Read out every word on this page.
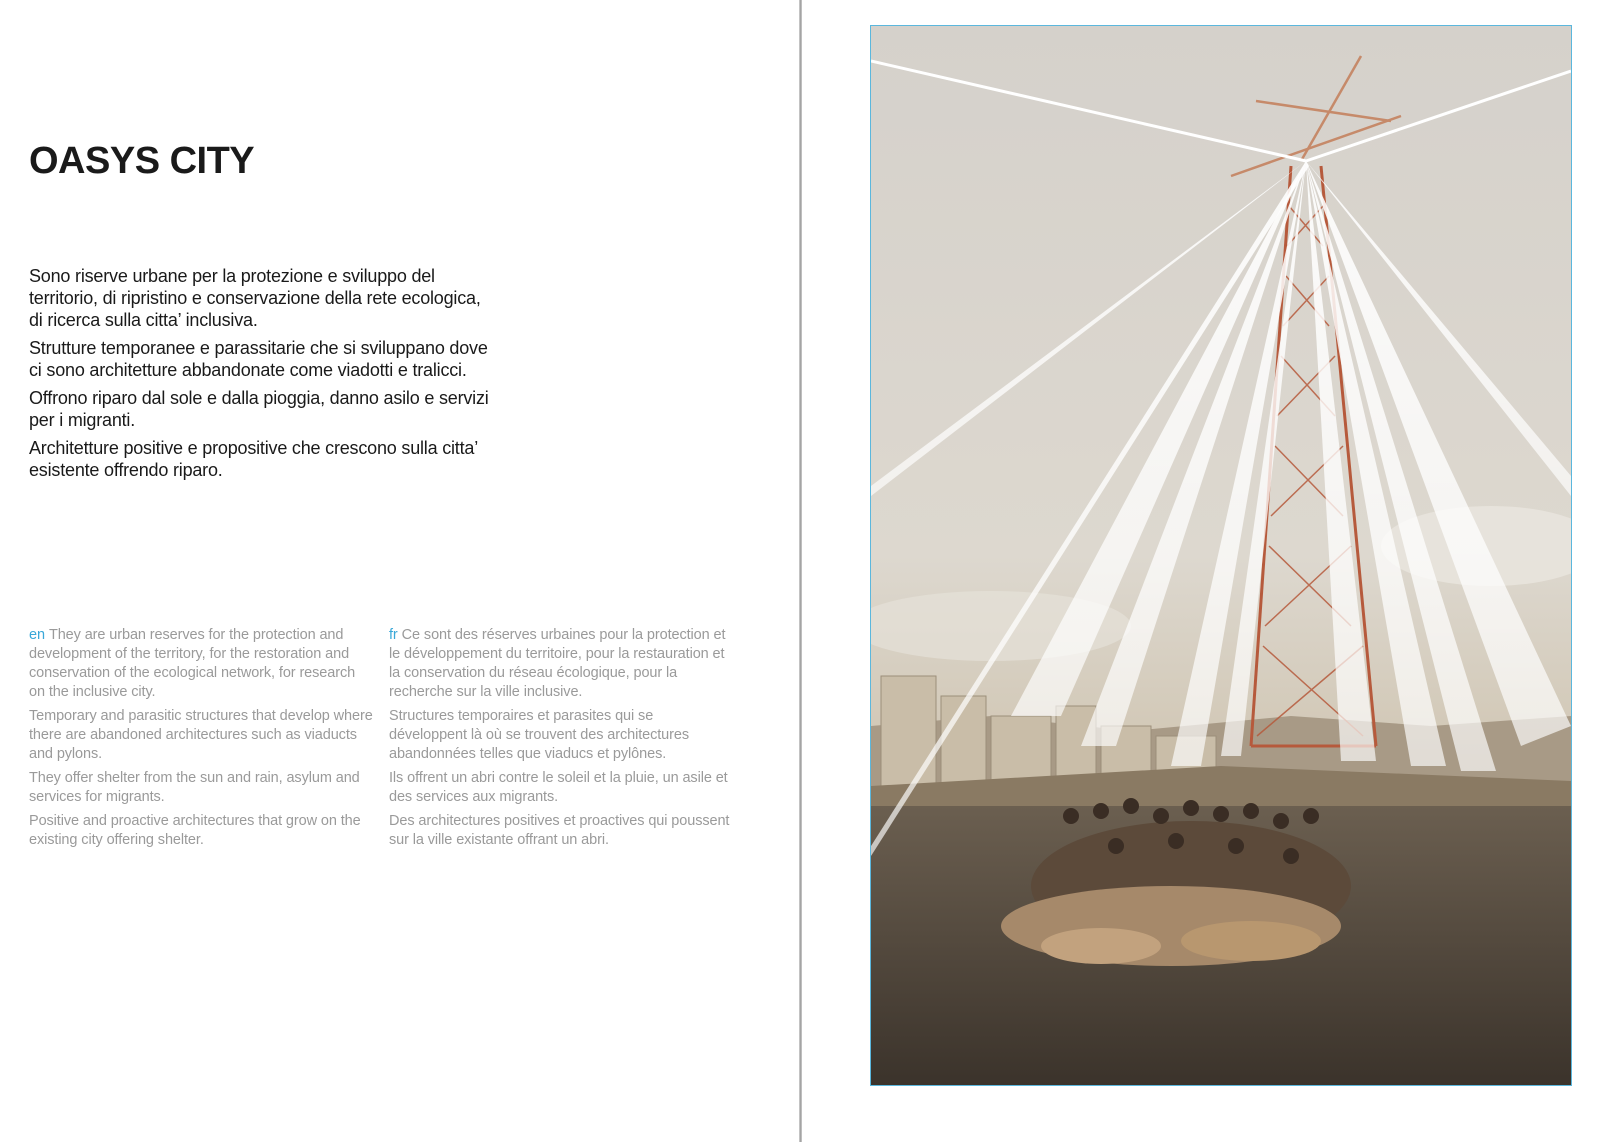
OASYS CITY

Sono riserve urbane per la protezione e sviluppo del territorio, di ripristino e conservazione della rete ecologica, di ricerca sulla citta’ inclusiva.

Strutture temporanee e parassitarie che si sviluppano dove ci sono architetture abbandonate come viadotti e tralicci.

Offrono riparo dal sole e dalla pioggia, danno asilo e servizi per i migranti.

Architetture positive e propositive che crescono sulla citta’ esistente offrendo riparo.

en They are urban reserves for the protection and development of the territory, for the restoration and conservation of the ecological network, for research on the inclusive city.

Temporary and parasitic structures that develop where there are abandoned architectures such as viaducts and pylons.

They offer shelter from the sun and rain, asylum and services for migrants.

Positive and proactive architectures that grow on the existing city offering shelter.

fr Ce sont des réserves urbaines pour la protection et le développement du territoire, pour la restauration et la conservation du réseau écologique, pour la recherche sur la ville inclusive.

Structures temporaires et parasites qui se développent là où se trouvent des architectures abandonnées telles que viaducs et pylônes.

Ils offrent un abri contre le soleil et la pluie, un asile et des services aux migrants.

Des architectures positives et proactives qui poussent sur la ville existante offrant un abri.
